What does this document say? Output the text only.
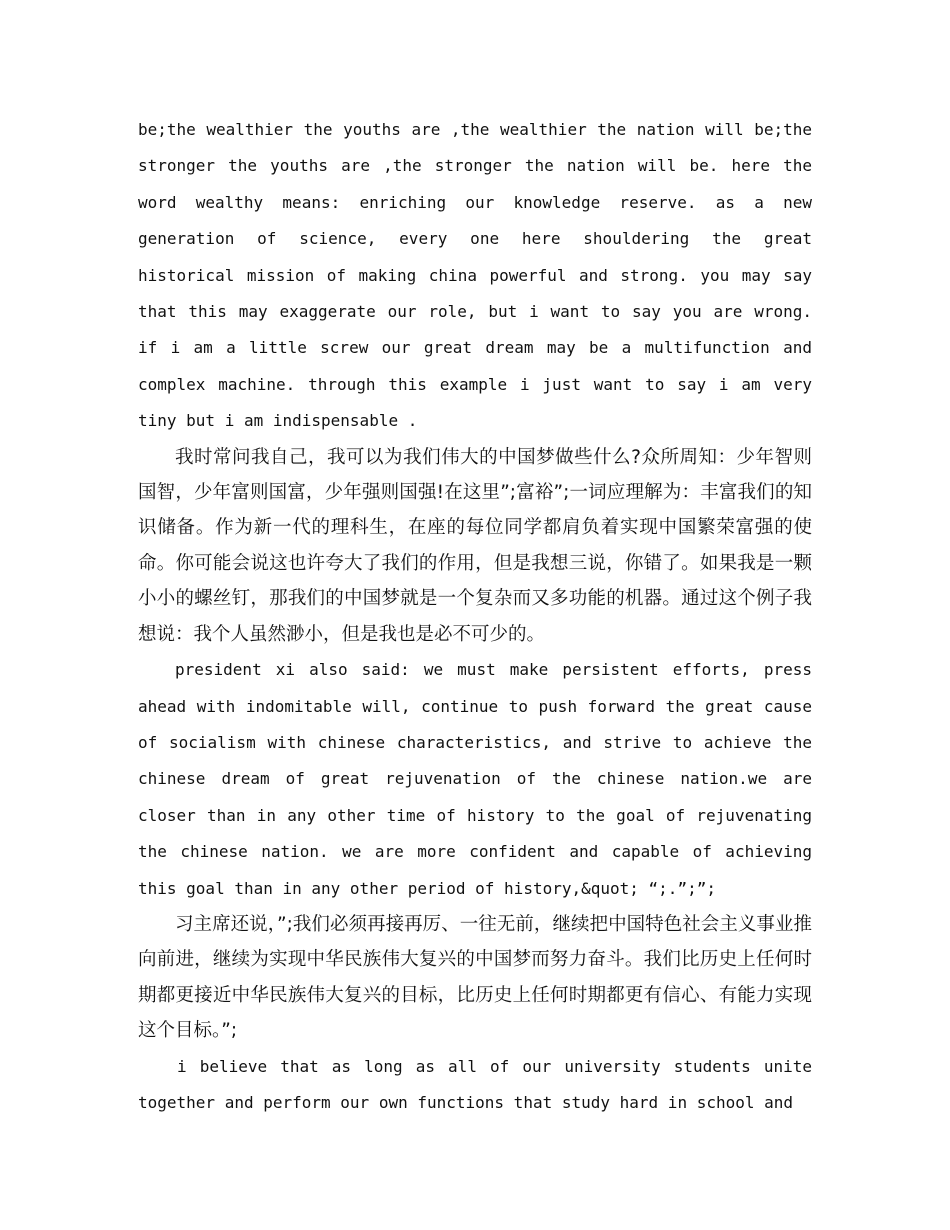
be;the wealthier the youths are ,the wealthier the nation will be;the stronger the youths are ,the stronger the nation will be. here the word wealthy means: enriching our knowledge reserve. as a new generation of science, every one here shouldering the great historical mission of making china powerful and strong. you may say that this may exaggerate our role, but i want to say you are wrong. if i am a little screw our great dream may be a multifunction and complex machine. through this example i just want to say i am very tiny but i am indispensable .

我时常问我自己，我可以为我们伟大的中国梦做些什么?众所周知：少年智则国智，少年富则国富，少年强则国强!在这里”;富裕”;一词应理解为：丰富我们的知识储备。作为新一代的理科生，在座的每位同学都肩负着实现中国繁荣富强的使命。你可能会说这也许夸大了我们的作用，但是我想三说，你错了。如果我是一颗小小的螺丝钉，那我们的中国梦就是一个复杂而又多功能的机器。通过这个例子我想说：我个人虽然渺小，但是我也是必不可少的。

president xi also said: we must make persistent efforts, press ahead with indomitable will, continue to push forward the great cause of socialism with chinese characteristics, and strive to achieve the chinese dream of great rejuvenation of the chinese nation.we are closer than in any other time of history to the goal of rejuvenating the chinese nation. we are more confident and capable of achieving this goal than in any other period of history,&quot; “;.”;”;

习主席还说，”;我们必须再接再厉、一往无前，继续把中国特色社会主义事业推向前进，继续为实现中华民族伟大复兴的中国梦而努力奋斗。我们比历史上任何时期都更接近中华民族伟大复兴的目标，比历史上任何时期都更有信心、有能力实现这个目标。”;

i believe that as long as all of our university students unite together and perform our own functions that study hard in school and
